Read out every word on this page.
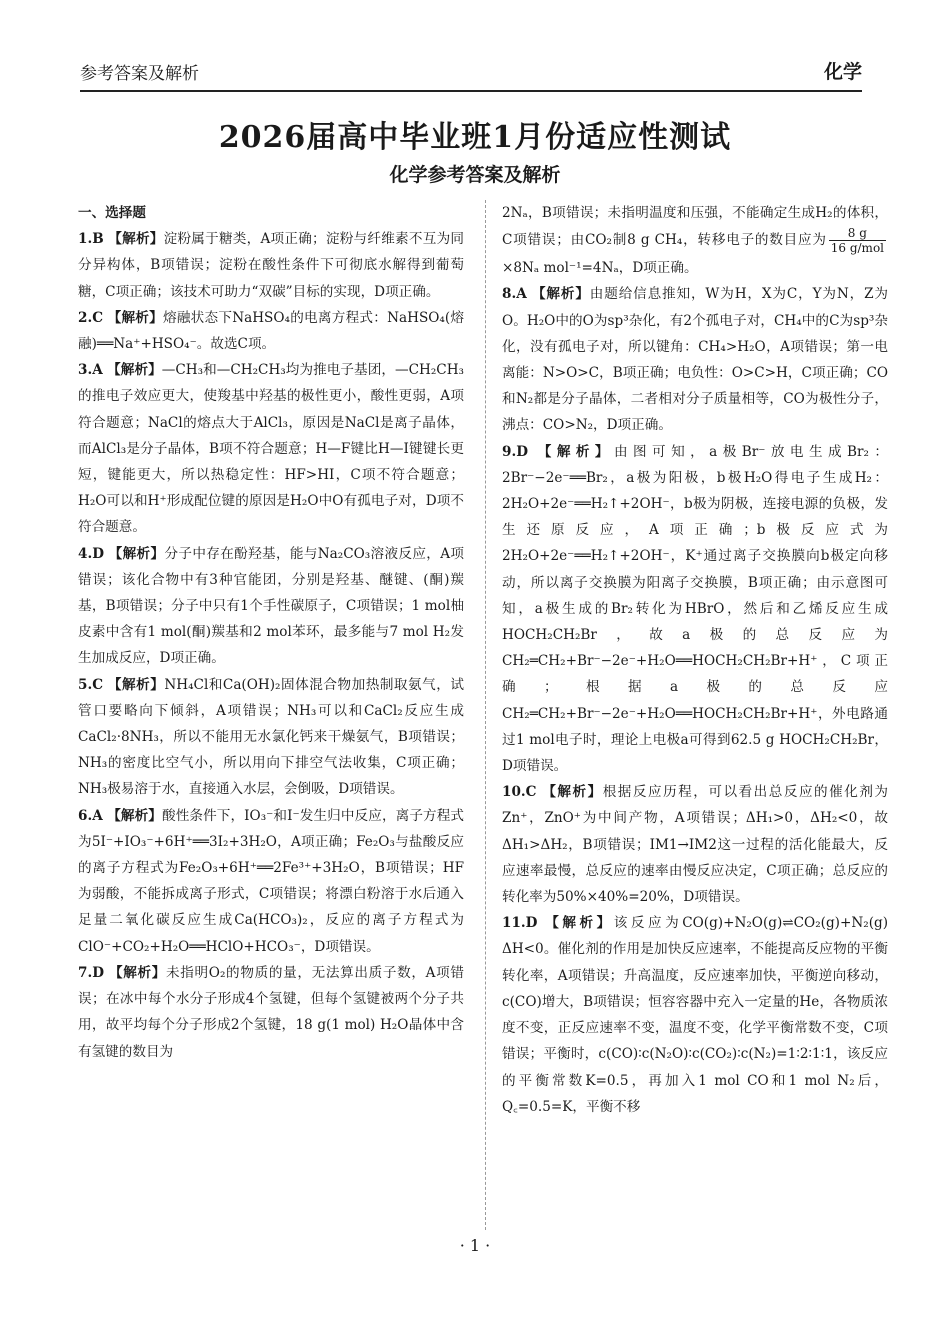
参考答案及解析	化学
2026届高中毕业班1月份适应性测试
化学参考答案及解析
一、选择题

1.B 【解析】淀粉属于糖类，A项正确；淀粉与纤维素不互为同分异构体，B项错误；淀粉在酸性条件下可彻底水解得到葡萄糖，C项正确；该技术可助力“双碳”目标的实现，D项正确。

2.C 【解析】熔融状态下NaHSO₄的电离方程式：NaHSO₄(熔融)══Na⁺+HSO₄⁻。故选C项。

3.A 【解析】—CH₃和—CH₂CH₃均为推电子基团，—CH₂CH₃的推电子效应更大，使羧基中羟基的极性更小，酸性更弱，A项符合题意；NaCl的熔点大于AlCl₃，原因是NaCl是离子晶体，而AlCl₃是分子晶体，B项不符合题意；H—F键比H—I键键长更短，键能更大，所以热稳定性：HF>HI，C项不符合题意；H₂O可以和H⁺形成配位键的原因是H₂O中O有孤电子对，D项不符合题意。

4.D 【解析】分子中存在酚羟基，能与Na₂CO₃溶液反应，A项错误；该化合物中有3种官能团，分别是羟基、醚键、(酮)羰基，B项错误；分子中只有1个手性碳原子，C项错误；1 mol柚皮素中含有1 mol(酮)羰基和2 mol苯环，最多能与7 mol H₂发生加成反应，D项正确。

5.C 【解析】NH₄Cl和Ca(OH)₂固体混合物加热制取氨气，试管口要略向下倾斜，A项错误；NH₃可以和CaCl₂反应生成CaCl₂·8NH₃，所以不能用无水氯化钙来干燥氨气，B项错误；NH₃的密度比空气小，所以用向下排空气法收集，C项正确；NH₃极易溶于水，直接通入水层，会倒吸，D项错误。

6.A 【解析】酸性条件下，IO₃⁻和I⁻发生归中反应，离子方程式为5I⁻+IO₃⁻+6H⁺══3I₂+3H₂O，A项正确；Fe₂O₃与盐酸反应的离子方程式为Fe₂O₃+6H⁺══2Fe³⁺+3H₂O，B项错误；HF为弱酸，不能拆成离子形式，C项错误；将漂白粉溶于水后通入足量二氧化碳反应生成Ca(HCO₃)₂，反应的离子方程式为ClO⁻+CO₂+H₂O══HClO+HCO₃⁻，D项错误。

7.D 【解析】未指明O₂的物质的量，无法算出质子数，A项错误；在冰中每个水分子形成4个氢键，但每个氢键被两个分子共用，故平均每个分子形成2个氢键，18 g(1 mol) H₂O晶体中含有氢键的数目为

2Nₐ，B项错误；未指明温度和压强，不能确定生成H₂的体积，C项错误；由CO₂制8 g CH₄，转移电子的数目应为 $\frac{8 g}{\text{16 g/mol}}$
×8Nₐ mol⁻¹=4Nₐ，D项正确。

8.A 【解析】由题给信息推知，W为H，X为C，Y为N，Z为O。H₂O中的O为sp³杂化，有2个孤电子对，CH₄中的C为sp³杂化，没有孤电子对，所以键角：CH₄>H₂O，A项错误；第一电离能：N>O>C，B项正确；电负性：O>C>H，C项正确；CO和N₂都是分子晶体，二者相对分子质量相等，CO为极性分子，沸点：CO>N₂，D项正确。

9.D 【解析】由图可知，a极Br⁻放电生成Br₂：2Br⁻−2e⁻══Br₂，a极为阳极，b极H₂O得电子生成H₂：2H₂O+2e⁻══H₂↑+2OH⁻，b极为阴极，连接电源的负极，发生还原反应，A项正确；b极反应式为2H₂O+2e⁻══H₂↑+2OH⁻，K⁺通过离子交换膜向b极定向移动，所以离子交换膜为阳离子交换膜，B项正确；由示意图可知，a极生成的Br₂转化为HBrO，然后和乙烯反应生成HOCH₂CH₂Br，故a极的总反应为CH₂═CH₂+Br⁻−2e⁻+H₂O══HOCH₂CH₂Br+H⁺，C项正确；根据a极的总反应CH₂═CH₂+Br⁻−2e⁻+H₂O══HOCH₂CH₂Br+H⁺，外电路通过1 mol电子时，理论上电极a可得到62.5 g HOCH₂CH₂Br，D项错误。

10.C 【解析】根据反应历程，可以看出总反应的催化剂为Zn⁺，ZnO⁺为中间产物，A项错误；ΔH₁>0，ΔH₂<0，故ΔH₁>ΔH₂，B项错误；IM1→IM2这一过程的活化能最大，反应速率最慢，总反应的速率由慢反应决定，C项正确；总反应的转化率为50%×40%=20%，D项错误。

11.D 【解析】该反应为CO(g)+N₂O(g)⇌CO₂(g)+N₂(g) ΔH<0。催化剂的作用是加快反应速率，不能提高反应物的平衡转化率，A项错误；升高温度，反应速率加快，平衡逆向移动，c(CO)增大，B项错误；恒容容器中充入一定量的He，各物质浓度不变，正反应速率不变，温度不变，化学平衡常数不变，C项错误；平衡时，c(CO)∶c(N₂O)∶c(CO₂)∶c(N₂)=1∶2∶1∶1，该反应的平衡常数K=0.5，再加入1 mol CO和1 mol N₂后，Q꜀=0.5=K，平衡不移

· 1 ·
